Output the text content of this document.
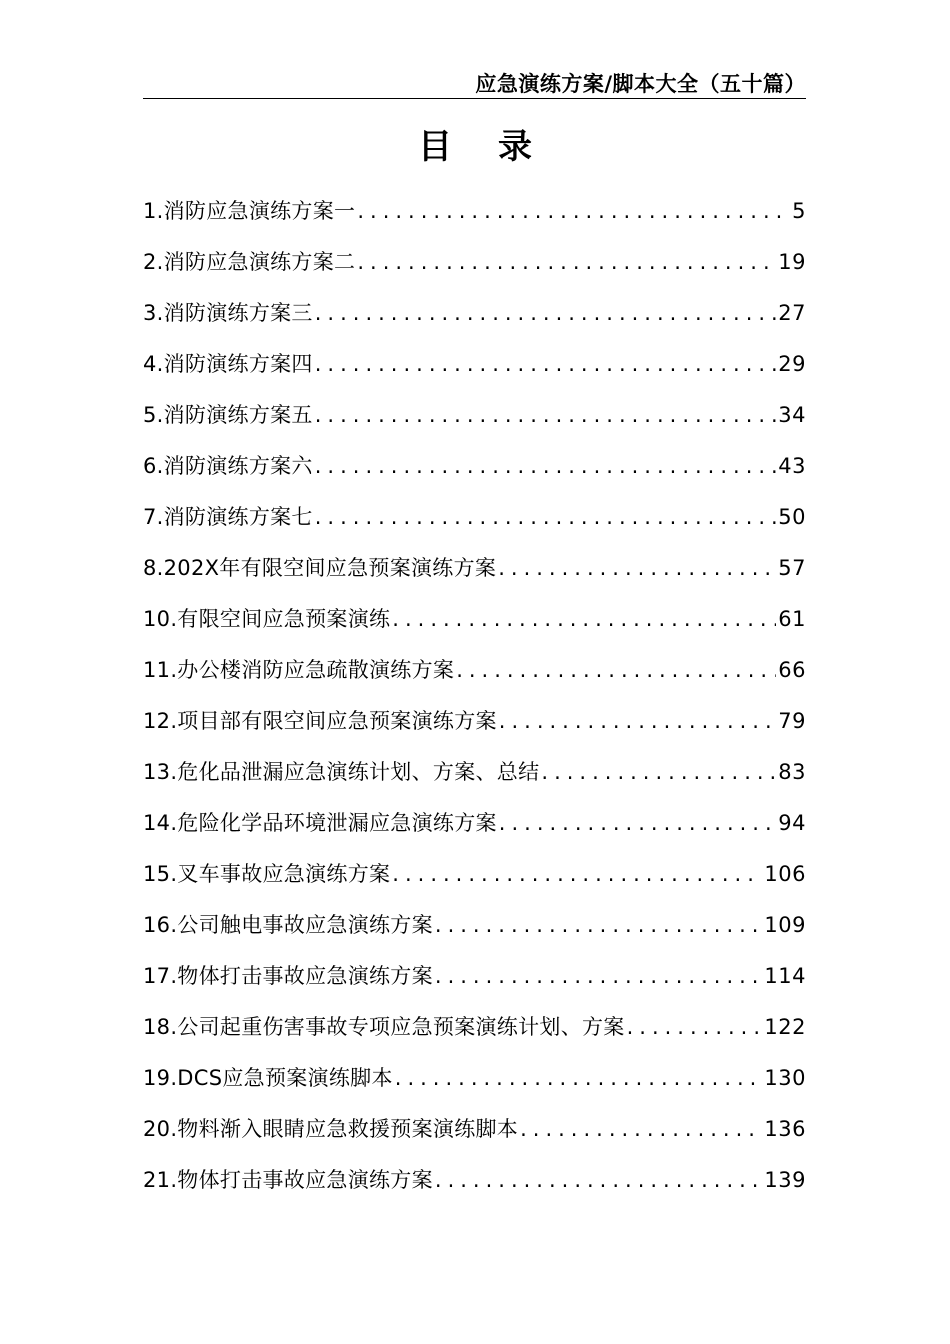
应急演练方案/脚本大全（五十篇）
目录
1.消防应急演练方案一 .....	5
2.消防应急演练方案二 .....	19
3.消防演练方案三 .....	27
4.消防演练方案四 .....	29
5.消防演练方案五 .....	34
6.消防演练方案六 .....	43
7.消防演练方案七 .....	50
8.202X年有限空间应急预案演练方案 .....	57
10.有限空间应急预案演练 .....	61
11.办公楼消防应急疏散演练方案 .....	66
12.项目部有限空间应急预案演练方案 .....	79
13.危化品泄漏应急演练计划、方案、总结 .....	83
14.危险化学品环境泄漏应急演练方案 .....	94
15.叉车事故应急演练方案 .....	106
16.公司触电事故应急演练方案 .....	109
17.物体打击事故应急演练方案 .....	114
18.公司起重伤害事故专项应急预案演练计划、方案 .....	122
19.DCS应急预案演练脚本 .....	130
20.物料渐入眼睛应急救援预案演练脚本 .....	136
21.物体打击事故应急演练方案 .....	139
